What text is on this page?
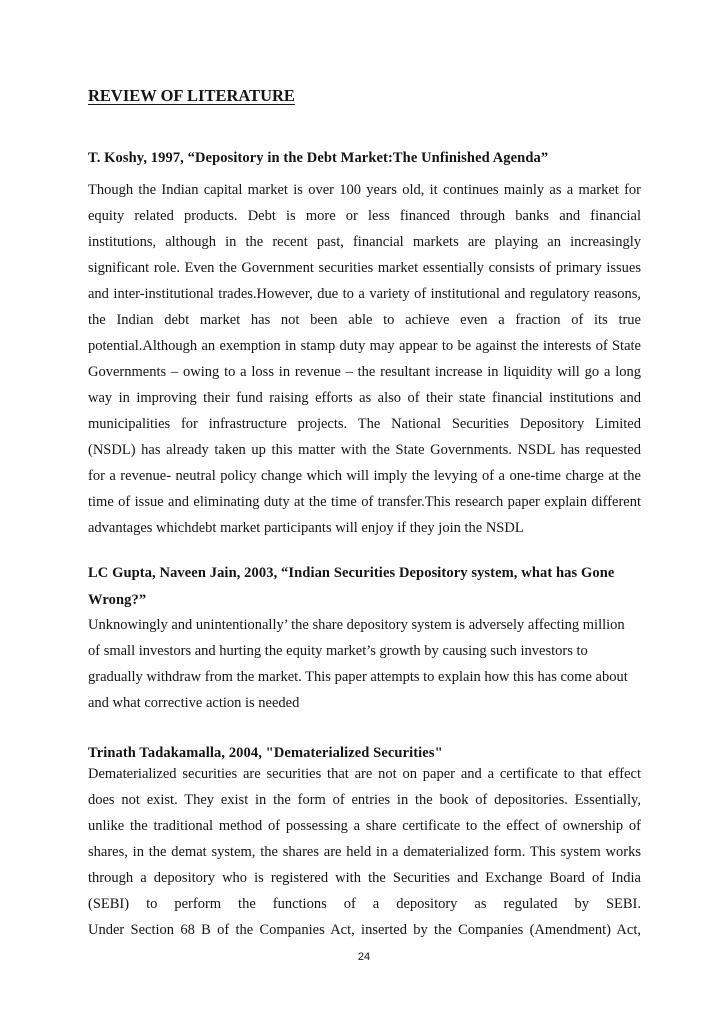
REVIEW OF LITERATURE

T. Koshy, 1997, “Depository in the Debt Market:The Unfinished Agenda”

Though the Indian capital market is over 100 years old, it continues mainly as a market for

equity related products. Debt is more or less financed through banks and financial

institutions, although in the recent past, financial markets are playing an increasingly

significant role. Even the Government securities market essentially consists of primary issues

and inter-institutional trades.However, due to a variety of institutional and regulatory reasons,

the Indian debt market has not been able to achieve even a fraction of its true

potential.Although an exemption in stamp duty may appear to be against the interests of State

Governments – owing to a loss in revenue – the resultant increase in liquidity will go a long

way in improving their fund raising efforts as also of their state financial institutions and

municipalities for infrastructure projects. The National Securities Depository Limited

(NSDL) has already taken up this matter with the State Governments. NSDL has requested

for a revenue- neutral policy change which will imply the levying of a one-time charge at the

time of issue and eliminating duty at the time of transfer.This research paper explain different

advantages whichdebt market participants will enjoy if they join the NSDL

LC Gupta, Naveen Jain, 2003, “Indian Securities Depository system, what has Gone

Wrong?”

Unknowingly and unintentionally’ the share depository system is adversely affecting million

of small investors and hurting the equity market’s growth by causing such investors to

gradually withdraw from the market. This paper attempts to explain how this has come about

and what corrective action is needed

Trinath Tadakamalla, 2004, "Dematerialized Securities"

Dematerialized securities are securities that are not on paper and a certificate to that effect

does not exist. They exist in the form of entries in the book of depositories. Essentially,

unlike the traditional method of possessing a share certificate to the effect of ownership of

shares, in the demat system, the shares are held in a dematerialized form. This system works

through a depository who is registered with the Securities and Exchange Board of India

(SEBI) to perform the functions of a depository as regulated by SEBI.

Under Section 68 B of the Companies Act, inserted by the Companies (Amendment) Act,

24
